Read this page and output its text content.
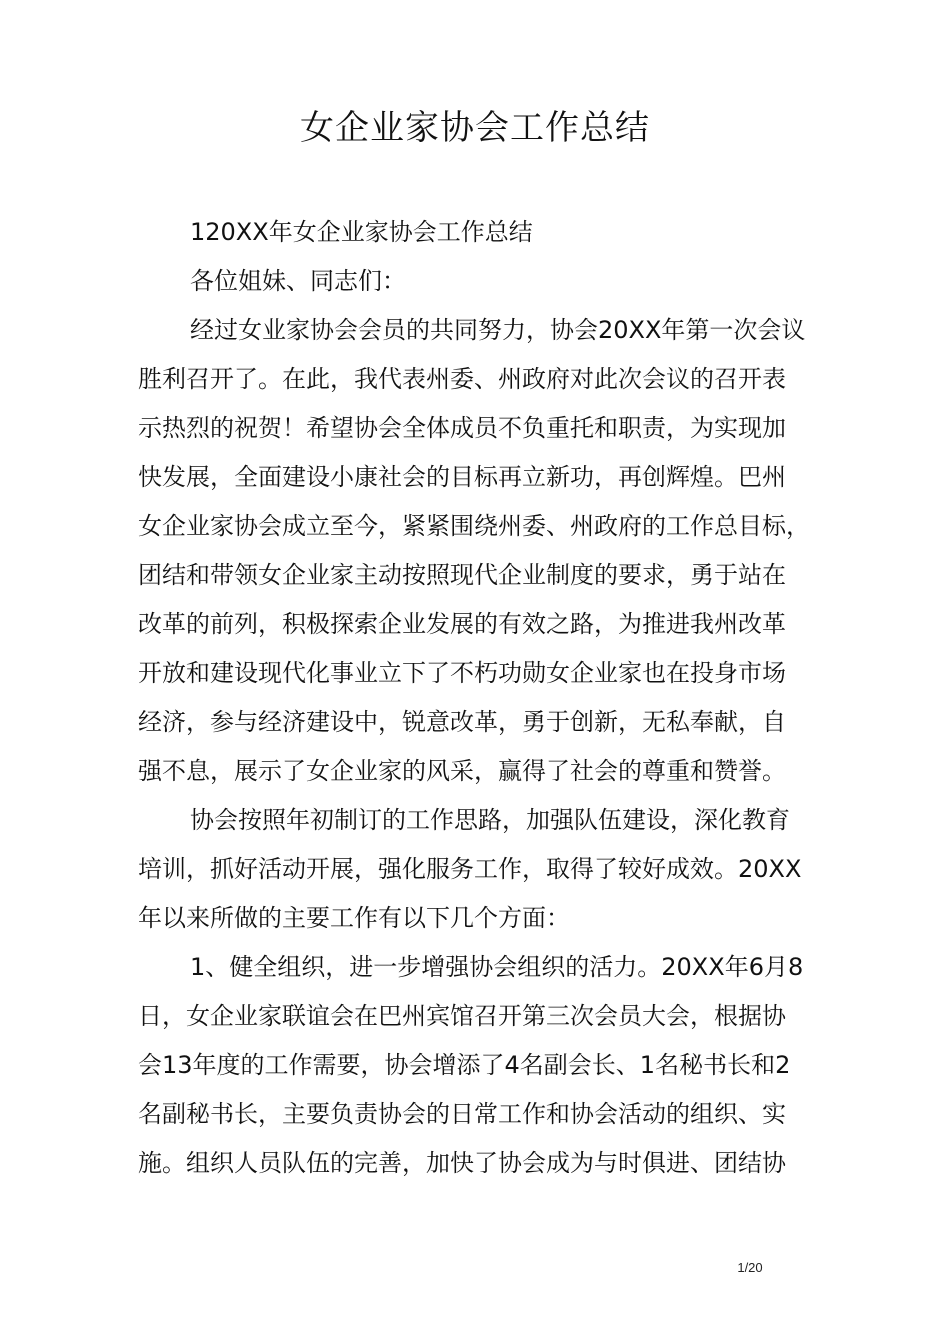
女企业家协会工作总结
120XX年女企业家协会工作总结
各位姐妹、同志们：
经过女业家协会会员的共同努力，协会20XX年第一次会议
胜利召开了。在此，我代表州委、州政府对此次会议的召开表
示热烈的祝贺！希望协会全体成员不负重托和职责，为实现加
快发展，全面建设小康社会的目标再立新功，再创辉煌。巴州
女企业家协会成立至今，紧紧围绕州委、州政府的工作总目标，
团结和带领女企业家主动按照现代企业制度的要求，勇于站在
改革的前列，积极探索企业发展的有效之路，为推进我州改革
开放和建设现代化事业立下了不朽功勋女企业家也在投身市场
经济，参与经济建设中，锐意改革，勇于创新，无私奉献，自
强不息，展示了女企业家的风采，赢得了社会的尊重和赞誉。
协会按照年初制订的工作思路，加强队伍建设，深化教育
培训，抓好活动开展，强化服务工作，取得了较好成效。20XX
年以来所做的主要工作有以下几个方面：
1、健全组织，进一步增强协会组织的活力。20XX年6月8
日，女企业家联谊会在巴州宾馆召开第三次会员大会，根据协
会13年度的工作需要，协会增添了4名副会长、1名秘书长和2
名副秘书长，主要负责协会的日常工作和协会活动的组织、实
施。组织人员队伍的完善，加快了协会成为与时俱进、团结协
1/20
